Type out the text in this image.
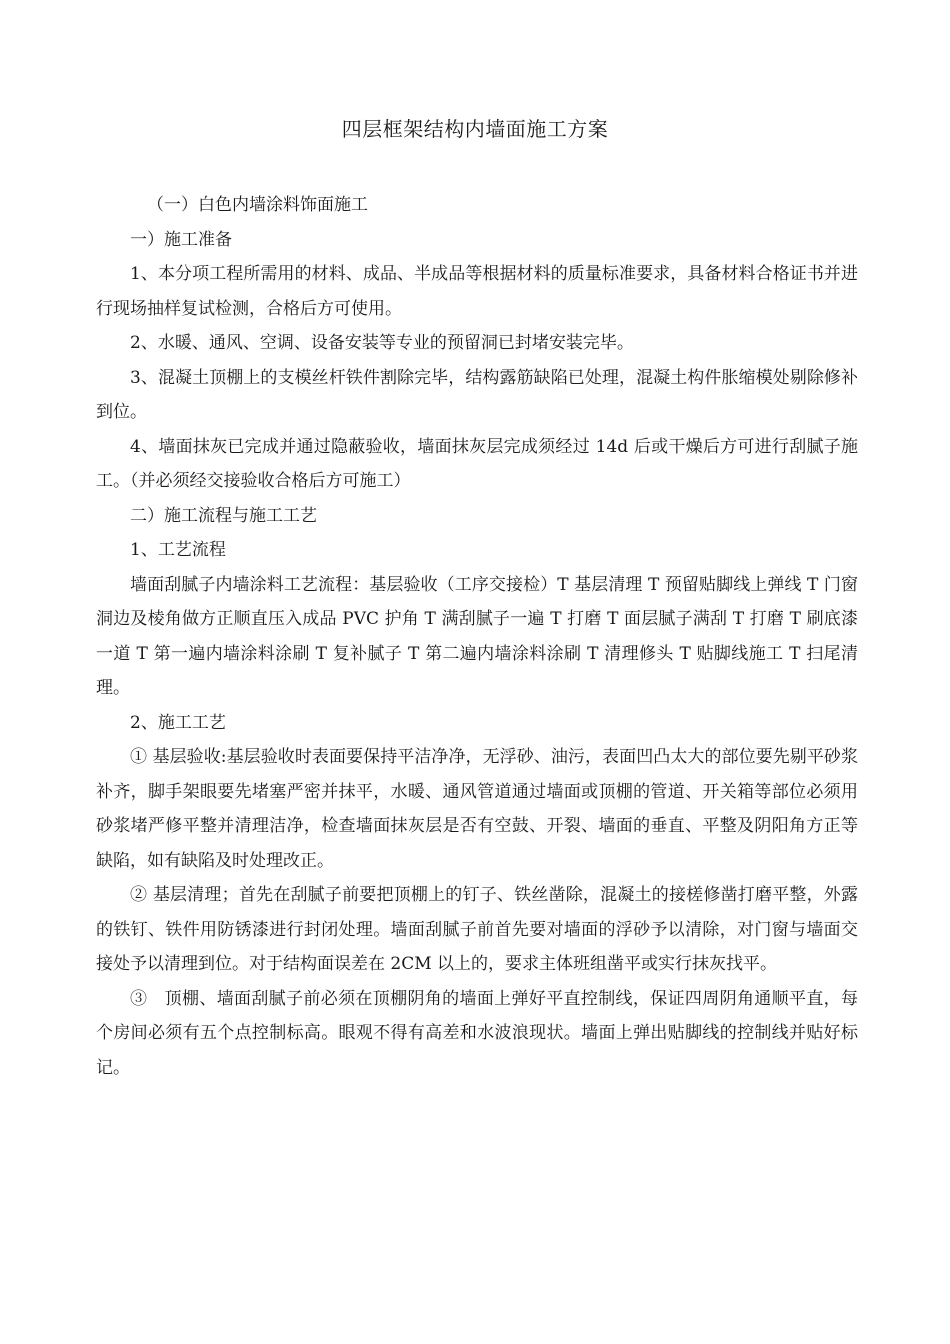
四层框架结构内墙面施工方案

（一）白色内墙涂料饰面施工

一）施工准备

1、本分项工程所需用的材料、成品、半成品等根据材料的质量标准要求，具备材料合格证书并进行现场抽样复试检测，合格后方可使用。

2、水暖、通风、空调、设备安装等专业的预留洞已封堵安装完毕。

3、混凝土顶棚上的支模丝杆铁件割除完毕，结构露筋缺陷已处理，混凝土构件胀缩模处剔除修补到位。

4、墙面抹灰已完成并通过隐蔽验收，墙面抹灰层完成须经过 14d 后或干燥后方可进行刮腻子施工。（并必须经交接验收合格后方可施工）

二）施工流程与施工工艺

1、工艺流程

墙面刮腻子内墙涂料工艺流程：基层验收（工序交接检）T 基层清理 T 预留贴脚线上弹线 T 门窗洞边及棱角做方正顺直压入成品 PVC 护角 T 满刮腻子一遍 T 打磨 T 面层腻子满刮 T 打磨 T 刷底漆一道 T 第一遍内墙涂料涂刷 T 复补腻子 T 第二遍内墙涂料涂刷 T 清理修头 T 贴脚线施工 T 扫尾清理。

2、施工工艺

① 基层验收:基层验收时表面要保持平洁净净，无浮砂、油污，表面凹凸太大的部位要先剔平砂浆补齐，脚手架眼要先堵塞严密并抹平，水暖、通风管道通过墙面或顶棚的管道、开关箱等部位必须用砂浆堵严修平整并清理洁净，检查墙面抹灰层是否有空鼓、开裂、墙面的垂直、平整及阴阳角方正等缺陷，如有缺陷及时处理改正。

② 基层清理；首先在刮腻子前要把顶棚上的钉子、铁丝凿除，混凝土的接槎修凿打磨平整，外露的铁钉、铁件用防锈漆进行封闭处理。墙面刮腻子前首先要对墙面的浮砂予以清除，对门窗与墙面交接处予以清理到位。对于结构面误差在 2CM 以上的，要求主体班组凿平或实行抹灰找平。

③　顶棚、墙面刮腻子前必须在顶棚阴角的墙面上弹好平直控制线，保证四周阴角通顺平直，每个房间必须有五个点控制标高。眼观不得有高差和水波浪现状。墙面上弹出贴脚线的控制线并贴好标记。
